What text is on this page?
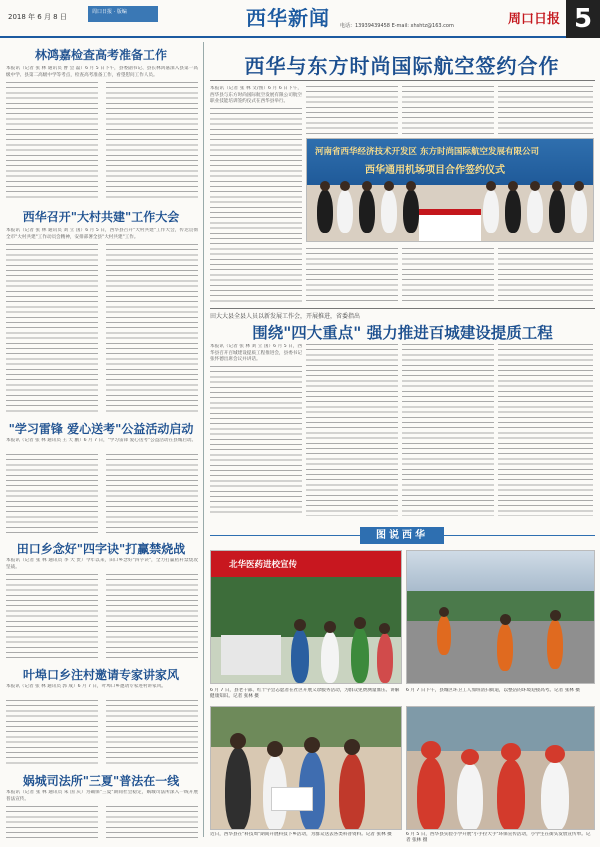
2018 年 6 月 8 日
周口日报 · 版编	西华新闻 电话：13939439458 E-mail: xhshtz@163.com	周口日报 5
林鸿嘉检查高考准备工作
本报讯（记者 张 林 通讯员 曹 会 磊）6 月 5 日下午，县委副书记、县长林鸿嘉深入县第一高级中学、县第二高级中学等考点，检查高考准备工作，看望慰问工作人员。
西华召开"大村共建"工作大会
本报讯（记者 张 林 通讯员 刘 立 国）6 月 5 日，西华县召开"大村共建"工作大会，传达贯彻全市"大村共建"工作动员会精神，安排部署全县"大村共建"工作。
"学习雷锋 爱心送考"公益活动启动
本报讯（记者 张 林 通讯员 王 天 鹏）6 月 7 日，"学习雷锋 爱心送考"公益活动在县城启动。
田口乡念好"四字诀"打赢禁烧战
本报讯（记者 张 林 通讯员 李 大 贵）今年以来，田口乡念好"四字诀"，全力打赢秸秆禁烧攻坚战。
叶埠口乡注村邀请专家讲家风
本报讯（记者 张 林 通讯员 郭 成）6 月 7 日，叶埠口乡邀请专家进村讲家风。
娲城司法所"三夏"普法在一线
本报讯（记者 张 林 通讯员 朱 国 庆）为确保"三夏"期间社会稳定，娲城司法所深入一线开展普法宣传。
西华与东方时尚国际航空签约合作
本报讯（记者 张 林 文/图）6 月 6 日下午，西华县与东方时尚国际航空发展有限公司航空职业技能培训签约仪式在西华县举行。
河南省西华经济技术开发区 东方时尚国际航空发展有限公司
西华通用机场项目合作签约仪式
田大大县全县人员以新发展工作会，开展推进，省委指出
围绕"四大重点" 强力推进百城建设提质工程
本报讯（记者 张 林 刘 立 国）6 月 5 日，西华县召开百城建设提质工程推进会，县委书记张怀德出席会议并讲话。
图说西华
北华医药进校宣传
6 月 7 日，县老干部、红十字会志愿者在社区开展义诊服务活动，为群众免费测量血压、讲解健康知识。记者 张林 摄
6 月 7 日下午，县城区环卫工人加班清扫街道，以整洁的环境迎接高考。记者 张林 摄
近日，西华县在"科技周"期间开展科技下乡活动，为群众送去各类科普资料。记者 张林 摄	6 月 5 日，西华县实验小学开展"小手拉大手"环保宣传活动，小学生在街头发放宣传单。记者 张林 摄
